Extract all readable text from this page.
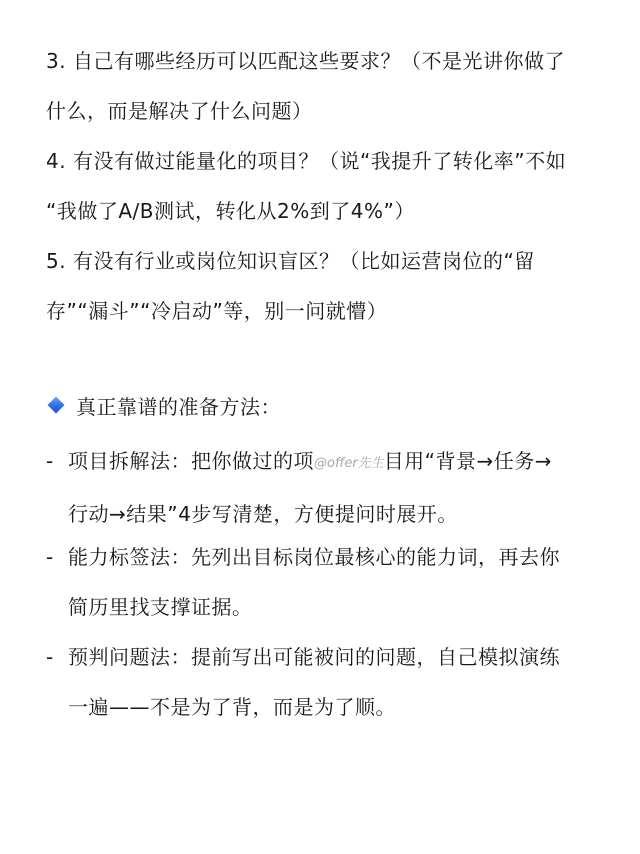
3. 自己有哪些经历可以匹配这些要求？（不是光讲你做了
什么，而是解决了什么问题）
4. 有没有做过能量化的项目？（说“我提升了转化率”不如
“我做了A/B测试，转化从2%到了4%”）
5. 有没有行业或岗位知识盲区？（比如运营岗位的“留
存”“漏斗”“冷启动”等，别一问就懵）
真正靠谱的准备方法：
- 项目拆解法：把你做过的项@offer先生目用“背景→任务→
行动→结果”4步写清楚，方便提问时展开。
- 能力标签法：先列出目标岗位最核心的能力词，再去你
简历里找支撑证据。
- 预判问题法：提前写出可能被问的问题，自己模拟演练
一遍——不是为了背，而是为了顺。
